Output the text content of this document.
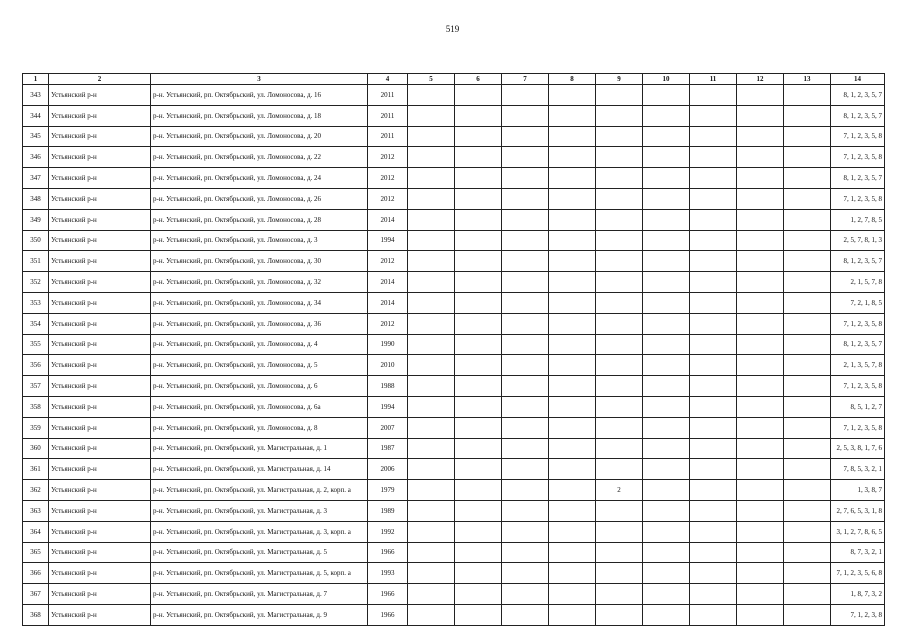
519
1	2	3	4	5	6	7	8	9	10	11	12	13	14
343	Устьянский р-н	р-н. Устьянский, рп. Октябрьский, ул. Ломоносова, д. 16	2011										8, 1, 2, 3, 5, 7
344	Устьянский р-н	р-н. Устьянский, рп. Октябрьский, ул. Ломоносова, д. 18	2011										8, 1, 2, 3, 5, 7
345	Устьянский р-н	р-н. Устьянский, рп. Октябрьский, ул. Ломоносова, д. 20	2011										7, 1, 2, 3, 5, 8
346	Устьянский р-н	р-н. Устьянский, рп. Октябрьский, ул. Ломоносова, д. 22	2012										7, 1, 2, 3, 5, 8
347	Устьянский р-н	р-н. Устьянский, рп. Октябрьский, ул. Ломоносова, д. 24	2012										8, 1, 2, 3, 5, 7
348	Устьянский р-н	р-н. Устьянский, рп. Октябрьский, ул. Ломоносова, д. 26	2012										7, 1, 2, 3, 5, 8
349	Устьянский р-н	р-н. Устьянский, рп. Октябрьский, ул. Ломоносова, д. 28	2014										1, 2, 7, 8, 5
350	Устьянский р-н	р-н. Устьянский, рп. Октябрьский, ул. Ломоносова, д. 3	1994										2, 5, 7, 8, 1, 3
351	Устьянский р-н	р-н. Устьянский, рп. Октябрьский, ул. Ломоносова, д. 30	2012										8, 1, 2, 3, 5, 7
352	Устьянский р-н	р-н. Устьянский, рп. Октябрьский, ул. Ломоносова, д. 32	2014										2, 1, 5, 7, 8
353	Устьянский р-н	р-н. Устьянский, рп. Октябрьский, ул. Ломоносова, д. 34	2014										7, 2, 1, 8, 5
354	Устьянский р-н	р-н. Устьянский, рп. Октябрьский, ул. Ломоносова, д. 36	2012										7, 1, 2, 3, 5, 8
355	Устьянский р-н	р-н. Устьянский, рп. Октябрьский, ул. Ломоносова, д. 4	1990										8, 1, 2, 3, 5, 7
356	Устьянский р-н	р-н. Устьянский, рп. Октябрьский, ул. Ломоносова, д. 5	2010										2, 1, 3, 5, 7, 8
357	Устьянский р-н	р-н. Устьянский, рп. Октябрьский, ул. Ломоносова, д. 6	1988										7, 1, 2, 3, 5, 8
358	Устьянский р-н	р-н. Устьянский, рп. Октябрьский, ул. Ломоносова, д. 6а	1994										8, 5, 1, 2, 7
359	Устьянский р-н	р-н. Устьянский, рп. Октябрьский, ул. Ломоносова, д. 8	2007										7, 1, 2, 3, 5, 8
360	Устьянский р-н	р-н. Устьянский, рп. Октябрьский, ул. Магистральная, д. 1	1987										2, 5, 3, 8, 1, 7, 6
361	Устьянский р-н	р-н. Устьянский, рп. Октябрьский, ул. Магистральная, д. 14	2006										7, 8, 5, 3, 2, 1
362	Устьянский р-н	р-н. Устьянский, рп. Октябрьский, ул. Магистральная, д. 2, корп. а	1979					2					1, 3, 8, 7
363	Устьянский р-н	р-н. Устьянский, рп. Октябрьский, ул. Магистральная, д. 3	1989										2, 7, 6, 5, 3, 1, 8
364	Устьянский р-н	р-н. Устьянский, рп. Октябрьский, ул. Магистральная, д. 3, корп. а	1992										3, 1, 2, 7, 8, 6, 5
365	Устьянский р-н	р-н. Устьянский, рп. Октябрьский, ул. Магистральная, д. 5	1966										8, 7, 3, 2, 1
366	Устьянский р-н	р-н. Устьянский, рп. Октябрьский, ул. Магистральная, д. 5, корп. а	1993										7, 1, 2, 3, 5, 6, 8
367	Устьянский р-н	р-н. Устьянский, рп. Октябрьский, ул. Магистральная, д. 7	1966										1, 8, 7, 3, 2
368	Устьянский р-н	р-н. Устьянский, рп. Октябрьский, ул. Магистральная, д. 9	1966										7, 1, 2, 3, 8
